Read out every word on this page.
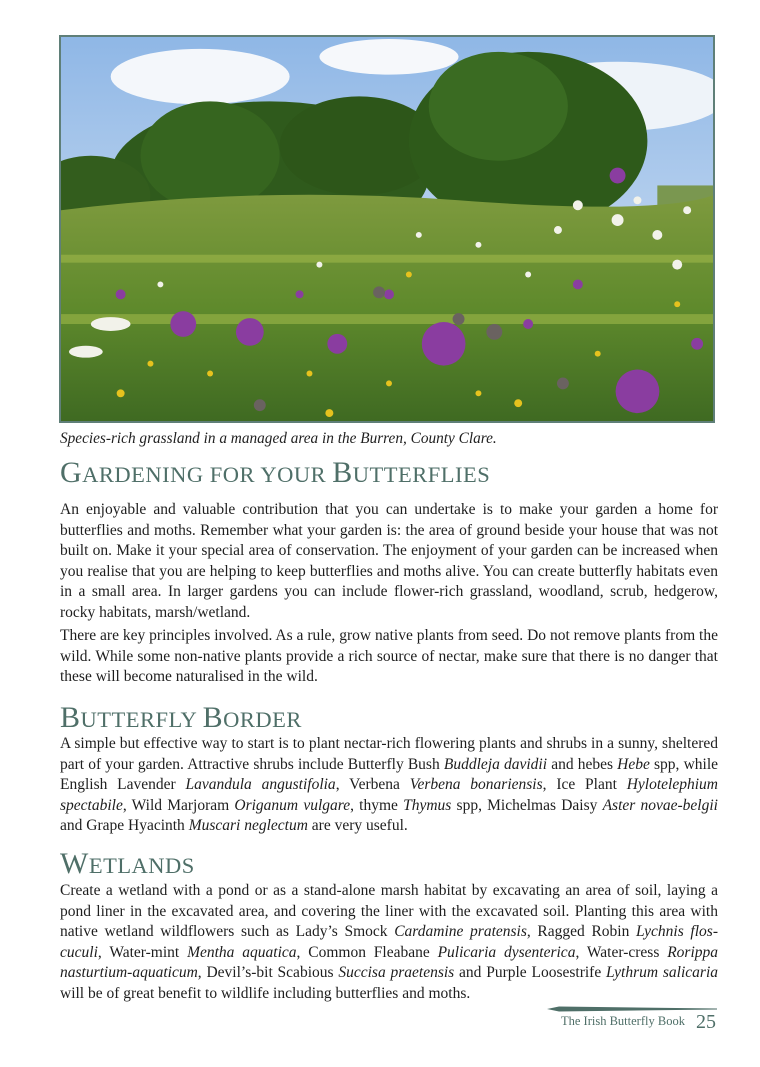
Species-rich grassland in a managed area in the Burren, County Clare.
GARDENING FOR YOUR BUTTERFLIES

An enjoyable and valuable contribution that you can undertake is to make your garden a home for butterflies and moths. Remember what your garden is: the area of ground beside your house that was not built on. Make it your special area of conservation. The enjoyment of your garden can be increased when you realise that you are helping to keep butterflies and moths alive. You can create butterfly habitats even in a small area. In larger gardens you can include flower-rich grassland, woodland, scrub, hedgerow, rocky habitats, marsh/wetland.

There are key principles involved. As a rule, grow native plants from seed. Do not remove plants from the wild. While some non-native plants provide a rich source of nectar, make sure that there is no danger that these will become naturalised in the wild.

BUTTERFLY BORDER

A simple but effective way to start is to plant nectar-rich flowering plants and shrubs in a sunny, sheltered part of your garden. Attractive shrubs include Butterfly Bush Buddleja davidii and hebes Hebe spp, while English Lavender Lavandula angustifolia, Verbena Verbena bonariensis, Ice Plant Hylotelephium spectabile, Wild Marjoram Origanum vulgare, thyme Thymus spp, Michelmas Daisy Aster novae-belgii and Grape Hyacinth Muscari neglectum are very useful.

WETLANDS

Create a wetland with a pond or as a stand-alone marsh habitat by excavating an area of soil, laying a pond liner in the excavated area, and covering the liner with the excavated soil. Planting this area with native wetland wildflowers such as Lady’s Smock Cardamine pratensis, Ragged Robin Lychnis flos-cuculi, Water-mint Mentha aquatica, Common Fleabane Pulicaria dysenterica, Water-cress Rorippa nasturtium-aquaticum, Devil’s-bit Scabious Succisa praetensis and Purple Loosestrife Lythrum salicaria will be of great benefit to wildlife including butterflies and moths.

The Irish Butterfly Book 25
